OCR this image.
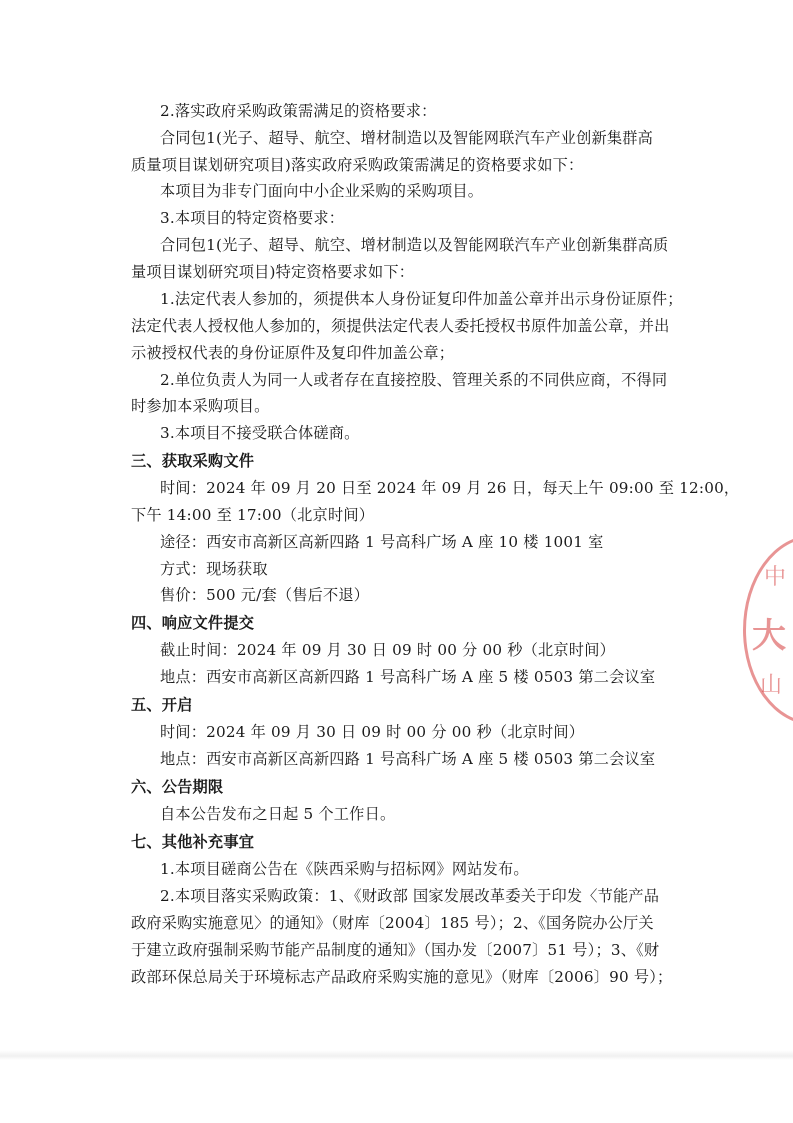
2.落实政府采购政策需满足的资格要求：
合同包1(光子、超导、航空、增材制造以及智能网联汽车产业创新集群高
质量项目谋划研究项目)落实政府采购政策需满足的资格要求如下：
本项目为非专门面向中小企业采购的采购项目。
3.本项目的特定资格要求：
合同包1(光子、超导、航空、增材制造以及智能网联汽车产业创新集群高质
量项目谋划研究项目)特定资格要求如下：
1.法定代表人参加的，须提供本人身份证复印件加盖公章并出示身份证原件；
法定代表人授权他人参加的，须提供法定代表人委托授权书原件加盖公章，并出
示被授权代表的身份证原件及复印件加盖公章；
2.单位负责人为同一人或者存在直接控股、管理关系的不同供应商，不得同
时参加本采购项目。
3.本项目不接受联合体磋商。
三、获取采购文件
时间：2024 年 09 月 20 日至 2024 年 09 月 26 日，每天上午 09:00 至 12:00，
下午 14:00 至 17:00（北京时间）
途径：西安市高新区高新四路 1 号高科广场 A 座 10 楼 1001 室
方式：现场获取
售价：500 元/套（售后不退）
四、响应文件提交
截止时间：2024 年 09 月 30 日 09 时 00 分 00 秒（北京时间）
地点：西安市高新区高新四路 1 号高科广场 A 座 5 楼 0503 第二会议室
五、开启
时间：2024 年 09 月 30 日 09 时 00 分 00 秒（北京时间）
地点：西安市高新区高新四路 1 号高科广场 A 座 5 楼 0503 第二会议室
六、公告期限
自本公告发布之日起 5 个工作日。
七、其他补充事宜
1.本项目磋商公告在《陕西采购与招标网》网站发布。
2.本项目落实采购政策：1、《财政部 国家发展改革委关于印发〈节能产品
政府采购实施意见〉的通知》（财库〔2004〕185 号）；2、《国务院办公厅关
于建立政府强制采购节能产品制度的通知》（国办发〔2007〕51 号）；3、《财
政部环保总局关于环境标志产品政府采购实施的意见》（财库〔2006〕90 号）；
中
大
山
